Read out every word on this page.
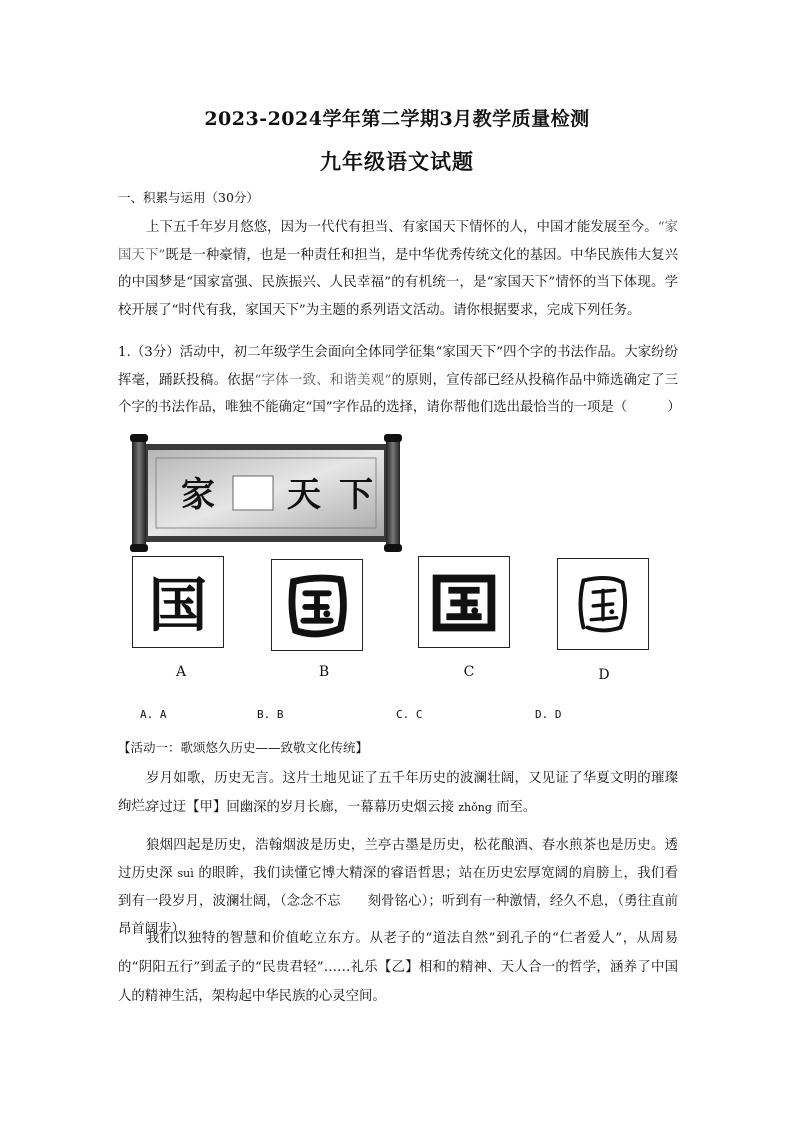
2023-2024学年第二学期3月教学质量检测
九年级语文试题
一、积累与运用（30分）

上下五千年岁月悠悠，因为一代代有担当、有家国天下情怀的人，中国才能发展至今。“家国天下”既是一种豪情，也是一种责任和担当，是中华优秀传统文化的基因。中华民族伟大复兴的中国梦是“国家富强、民族振兴、人民幸福”的有机统一，是“家国天下”情怀的当下体现。学校开展了“时代有我，家国天下”为主题的系列语文活动。请你根据要求，完成下列任务。

1.（3分）活动中，初二年级学生会面向全体同学征集“家国天下”四个字的书法作品。大家纷纷挥毫，踊跃投稿。依据“字体一致、和谐美观”的原则，宣传部已经从投稿作品中筛选确定了三个字的书法作品，唯独不能确定“国”字作品的选择，请你帮他们选出最恰当的一项是（　　　）

家 天 下
国
A	B	C	D
A. A	B. B	C. C	D. D
【活动一：歌颂悠久历史——致敬文化传统】

岁月如歌，历史无言。这片土地见证了五千年历史的波澜壮阔，又见证了华夏文明的璀璨绚烂。

穿过迂【甲】回幽深的岁月长廊，一幕幕历史烟云接 zhǒng 而至。

狼烟四起是历史，浩翰烟波是历史，兰亭古墨是历史，松花酿酒、春水煎茶也是历史。透过历史深 suì 的眼眸，我们读懂它博大精深的睿语哲思；站在历史宏厚宽阔的肩膀上，我们看到有一段岁月，波澜壮阔，（念念不忘　　刻骨铭心）；听到有一种激情，经久不息，（勇往直前　　昂首阔步）。

我们以独特的智慧和价值屹立东方。从老子的“道法自然”到孔子的“仁者爱人”，从周易的“阴阳五行”到孟子的“民贵君轻”……礼乐【乙】相和的精神、天人合一的哲学，涵养了中国人的精神生活，架构起中华民族的心灵空间。
